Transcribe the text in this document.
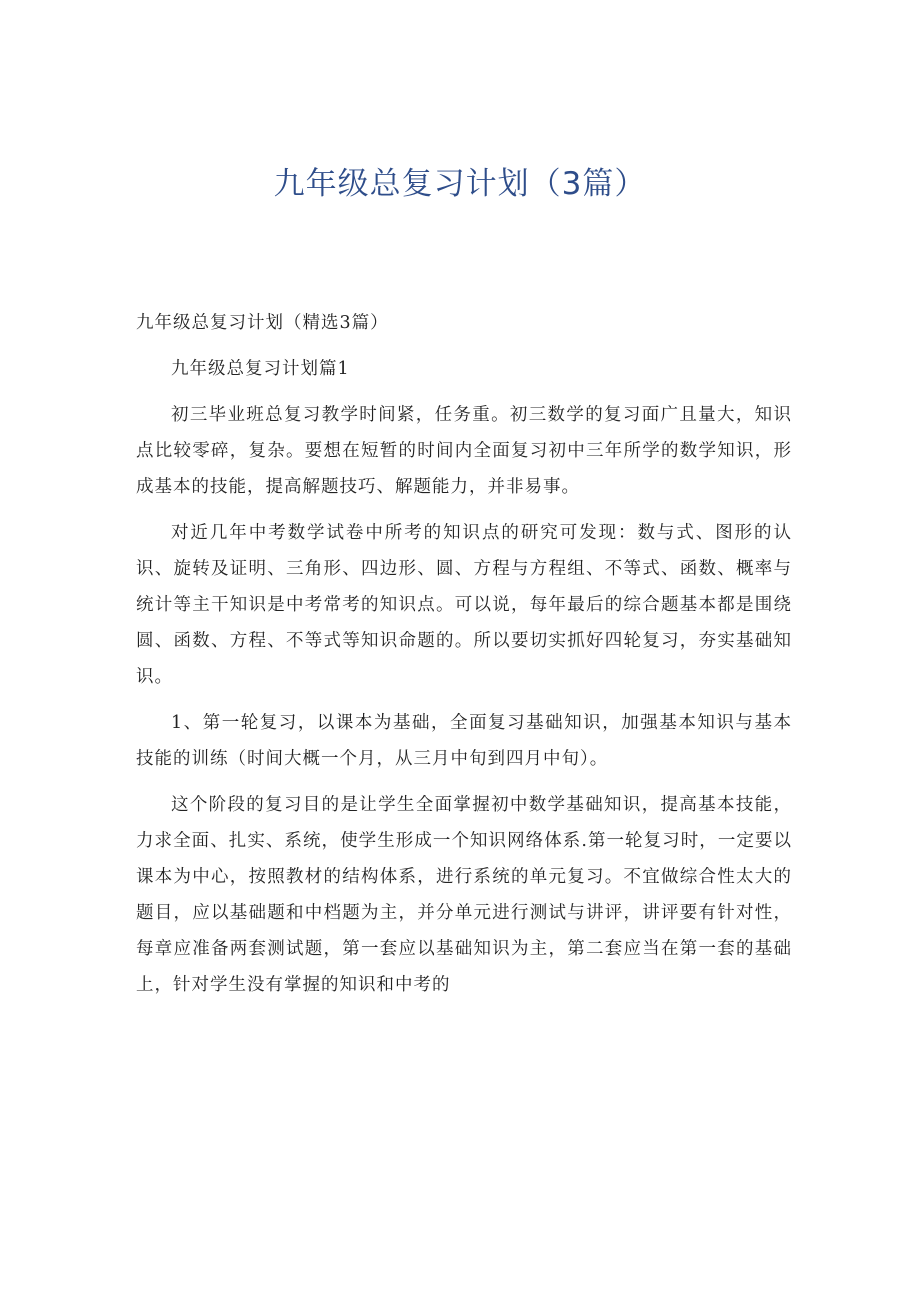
九年级总复习计划（3篇）

九年级总复习计划（精选3篇）

九年级总复习计划篇1

初三毕业班总复习教学时间紧，任务重。初三数学的复习面广且量大，知识点比较零碎，复杂。要想在短暂的时间内全面复习初中三年所学的数学知识，形成基本的技能，提高解题技巧、解题能力，并非易事。

对近几年中考数学试卷中所考的知识点的研究可发现：数与式、图形的认识、旋转及证明、三角形、四边形、圆、方程与方程组、不等式、函数、概率与统计等主干知识是中考常考的知识点。可以说，每年最后的综合题基本都是围绕圆、函数、方程、不等式等知识命题的。所以要切实抓好四轮复习，夯实基础知识。

1、第一轮复习，以课本为基础，全面复习基础知识，加强基本知识与基本技能的训练（时间大概一个月，从三月中旬到四月中旬）。

这个阶段的复习目的是让学生全面掌握初中数学基础知识，提高基本技能，力求全面、扎实、系统，使学生形成一个知识网络体系.第一轮复习时，一定要以课本为中心，按照教材的结构体系，进行系统的单元复习。不宜做综合性太大的题目，应以基础题和中档题为主，并分单元进行测试与讲评，讲评要有针对性，每章应准备两套测试题，第一套应以基础知识为主，第二套应当在第一套的基础上，针对学生没有掌握的知识和中考的
